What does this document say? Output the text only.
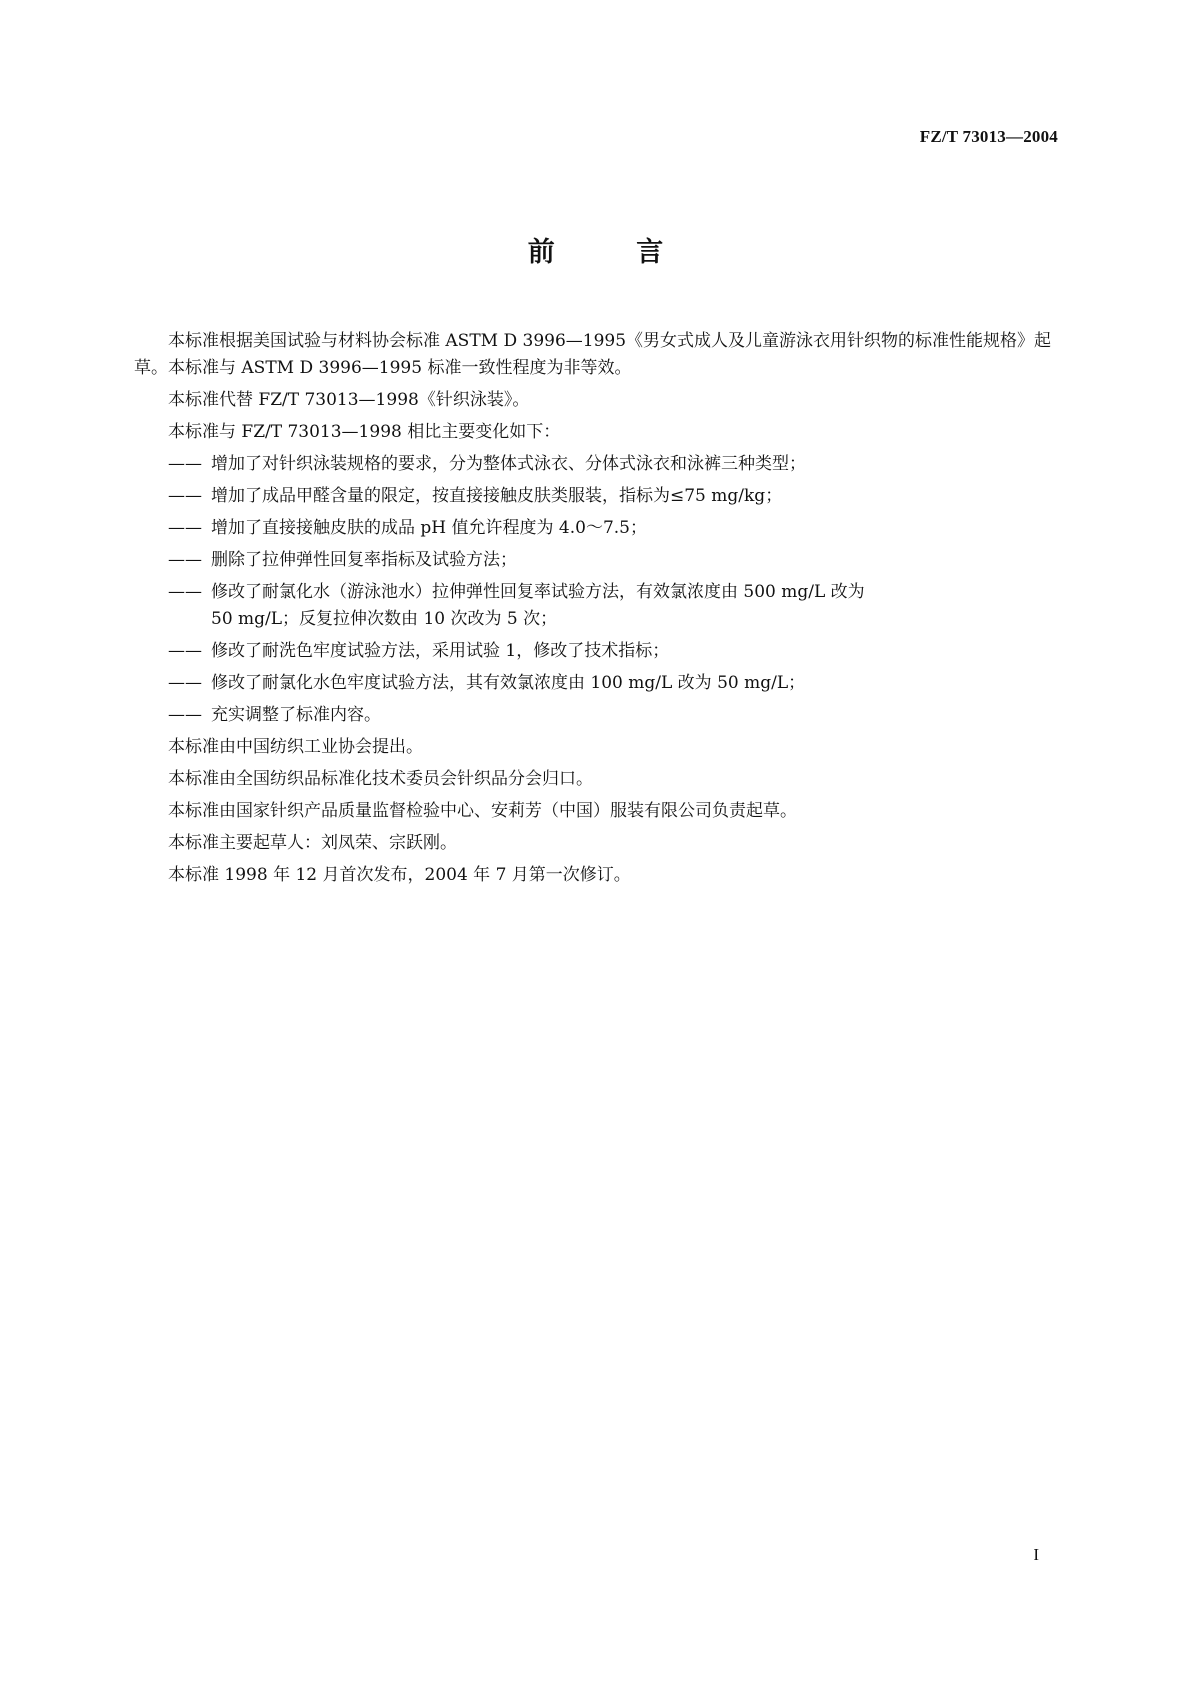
FZ/T 73013—2004
前 言

本标准根据美国试验与材料协会标准 ASTM D 3996—1995《男女式成人及儿童游泳衣用针织物的标准性能规格》起草。本标准与 ASTM D 3996—1995 标准一致性程度为非等效。

本标准代替 FZ/T 73013—1998《针织泳装》。

本标准与 FZ/T 73013—1998 相比主要变化如下：

—— 增加了对针织泳装规格的要求，分为整体式泳衣、分体式泳衣和泳裤三种类型；
—— 增加了成品甲醛含量的限定，按直接接触皮肤类服装，指标为≤75 mg/kg；
—— 增加了直接接触皮肤的成品 pH 值允许程度为 4.0～7.5；
—— 删除了拉伸弹性回复率指标及试验方法；
—— 修改了耐氯化水（游泳池水）拉伸弹性回复率试验方法，有效氯浓度由 500 mg/L 改为
50 mg/L；反复拉伸次数由 10 次改为 5 次；
—— 修改了耐洗色牢度试验方法，采用试验 1，修改了技术指标；
—— 修改了耐氯化水色牢度试验方法，其有效氯浓度由 100 mg/L 改为 50 mg/L；
—— 充实调整了标准内容。

本标准由中国纺织工业协会提出。

本标准由全国纺织品标准化技术委员会针织品分会归口。

本标准由国家针织产品质量监督检验中心、安莉芳（中国）服装有限公司负责起草。

本标准主要起草人：刘凤荣、宗跃刚。

本标准 1998 年 12 月首次发布，2004 年 7 月第一次修订。

I
